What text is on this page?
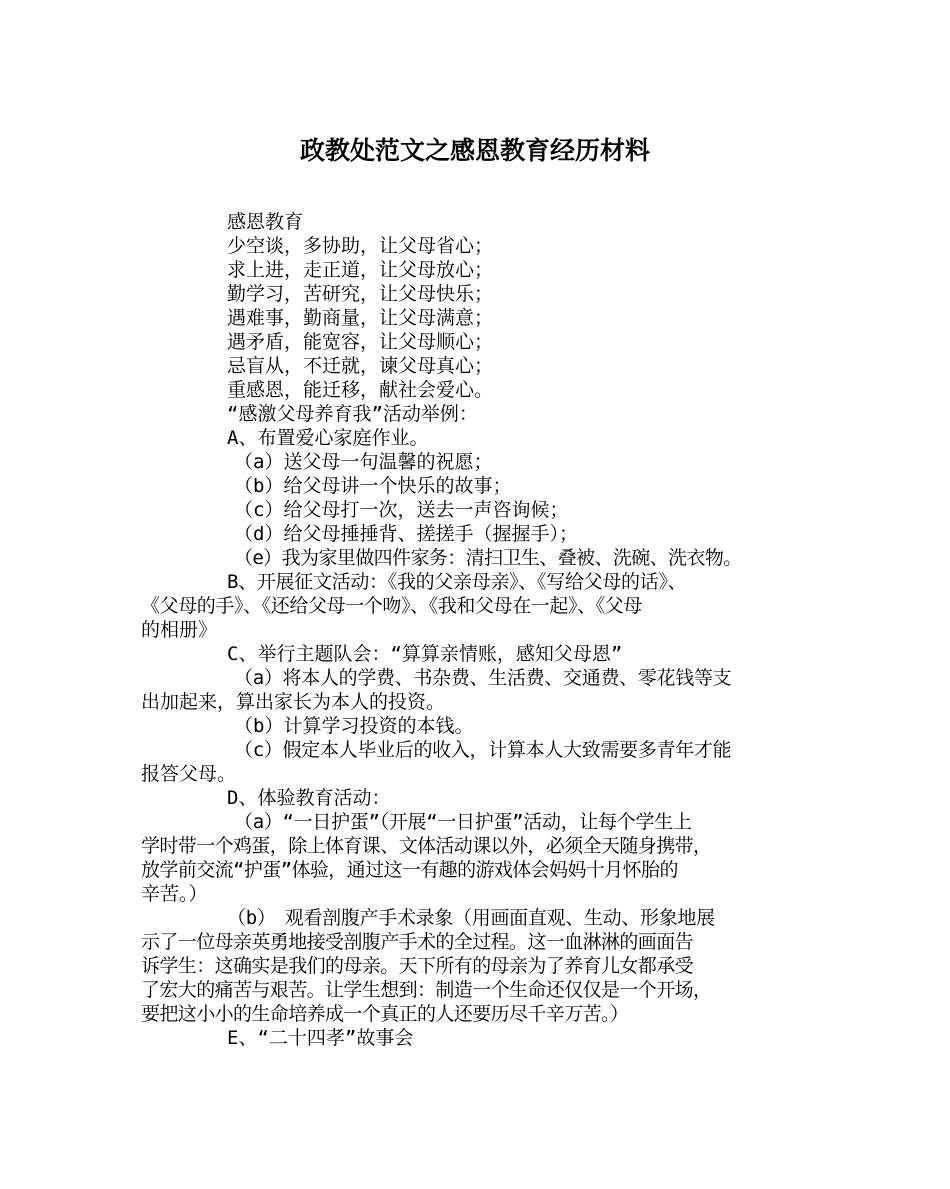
政教处范文之感恩教育经历材料
感恩教育
少空谈，多协助，让父母省心；
求上进，走正道，让父母放心；
勤学习，苦研究，让父母快乐；
遇难事，勤商量，让父母满意；
遇矛盾，能宽容，让父母顺心；
忌盲从，不迁就，谏父母真心；
重感恩，能迁移，献社会爱心。
“感激父母养育我”活动举例：
A、布置爱心家庭作业。
（a）送父母一句温馨的祝愿；
（b）给父母讲一个快乐的故事；
（c）给父母打一次，送去一声咨询候；
（d）给父母捶捶背、搓搓手（握握手）；
（e）我为家里做四件家务：清扫卫生、叠被、洗碗、洗衣物。
B、开展征文活动：《我的父亲母亲》、《写给父母的话》、
《父母的手》、《还给父母一个吻》、《我和父母在一起》、《父母
的相册》
C、举行主题队会：“算算亲情账，感知父母恩”
（a）将本人的学费、书杂费、生活费、交通费、零花钱等支
出加起来，算出家长为本人的投资。
（b）计算学习投资的本钱。
（c）假定本人毕业后的收入，计算本人大致需要多青年才能
报答父母。
D、体验教育活动：
（a）“一日护蛋”（开展“一日护蛋”活动，让每个学生上
学时带一个鸡蛋，除上体育课、文体活动课以外，必须全天随身携带，
放学前交流“护蛋”体验，通过这一有趣的游戏体会妈妈十月怀胎的
辛苦。）
（b）　观看剖腹产手术录象（用画面直观、生动、形象地展
示了一位母亲英勇地接受剖腹产手术的全过程。这一血淋淋的画面告
诉学生：这确实是我们的母亲。天下所有的母亲为了养育儿女都承受
了宏大的痛苦与艰苦。让学生想到：制造一个生命还仅仅是一个开场，
要把这小小的生命培养成一个真正的人还要历尽千辛万苦。）
E、“二十四孝”故事会
